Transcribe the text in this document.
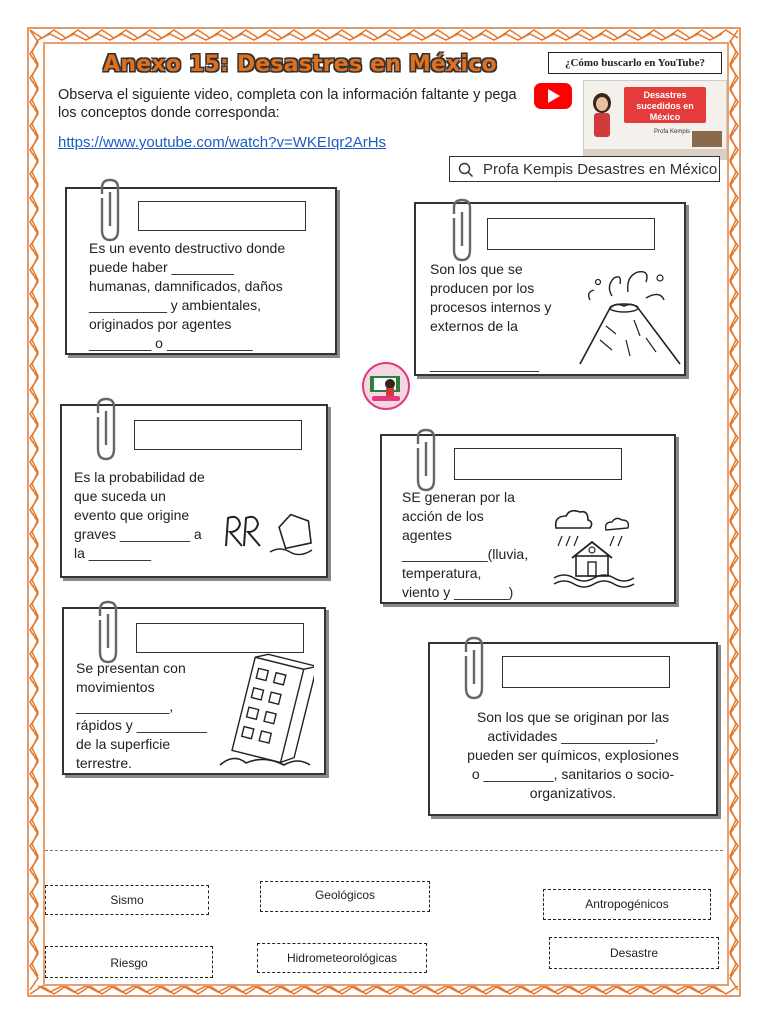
Anexo 15: Desastres en México
Observa el siguiente video, completa con la información faltante y pega los conceptos donde corresponda:
https://www.youtube.com/watch?v=WKEIqr2ArHs
¿Cómo buscarlo en YouTube?
Desastres sucedidos en México
Profa Kempis
Profa Kempis Desastres en México
Es un evento destructivo donde
puede haber ________
humanas, damnificados, daños
__________ y ambientales,
originados por agentes
________ o ___________
Son los que se
producen por los
procesos internos y
externos de la

______________
Es la probabilidad de
que suceda un
evento que origine
graves _________ a
la ________
SE generan por la
acción de los
agentes
___________(lluvia,
temperatura,
viento y _______)
Se presentan con
movimientos
____________,
rápidos y _________
de la superficie
terrestre.
Son los que se originan por las
actividades ____________,
pueden ser químicos, explosiones
o _________, sanitarios o socio-
organizativos.
Sismo	Geológicos
Antropogénicos
Riesgo	Hidrometeorológicas	Desastre
